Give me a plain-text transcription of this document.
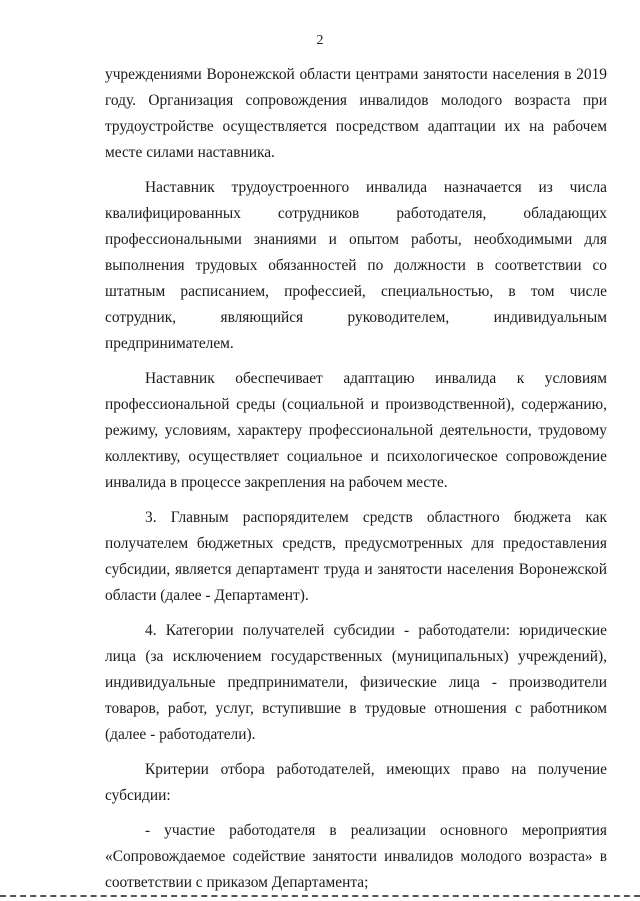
2

учреждениями Воронежской области центрами занятости населения в 2019 году. Организация сопровождения инвалидов молодого возраста при трудоустройстве осуществляется посредством адаптации их на рабочем месте силами наставника.

Наставник трудоустроенного инвалида назначается из числа квалифицированных сотрудников работодателя, обладающих профессиональными знаниями и опытом работы, необходимыми для выполнения трудовых обязанностей по должности в соответствии со штатным расписанием, профессией, специальностью, в том числе сотрудник, являющийся руководителем, индивидуальным предпринимателем.

Наставник обеспечивает адаптацию инвалида к условиям профессиональной среды (социальной и производственной), содержанию, режиму, условиям, характеру профессиональной деятельности, трудовому коллективу, осуществляет социальное и психологическое сопровождение инвалида в процессе закрепления на рабочем месте.

3. Главным распорядителем средств областного бюджета как получателем бюджетных средств, предусмотренных для предоставления субсидии, является департамент труда и занятости населения Воронежской области (далее - Департамент).

4. Категории получателей субсидии - работодатели: юридические лица (за исключением государственных (муниципальных) учреждений), индивидуальные предприниматели, физические лица - производители товаров, работ, услуг, вступившие в трудовые отношения с работником (далее - работодатели).

Критерии отбора работодателей, имеющих право на получение субсидии:

- участие работодателя в реализации основного мероприятия «Сопровождаемое содействие занятости инвалидов молодого возраста» в соответствии с приказом Департамента;
